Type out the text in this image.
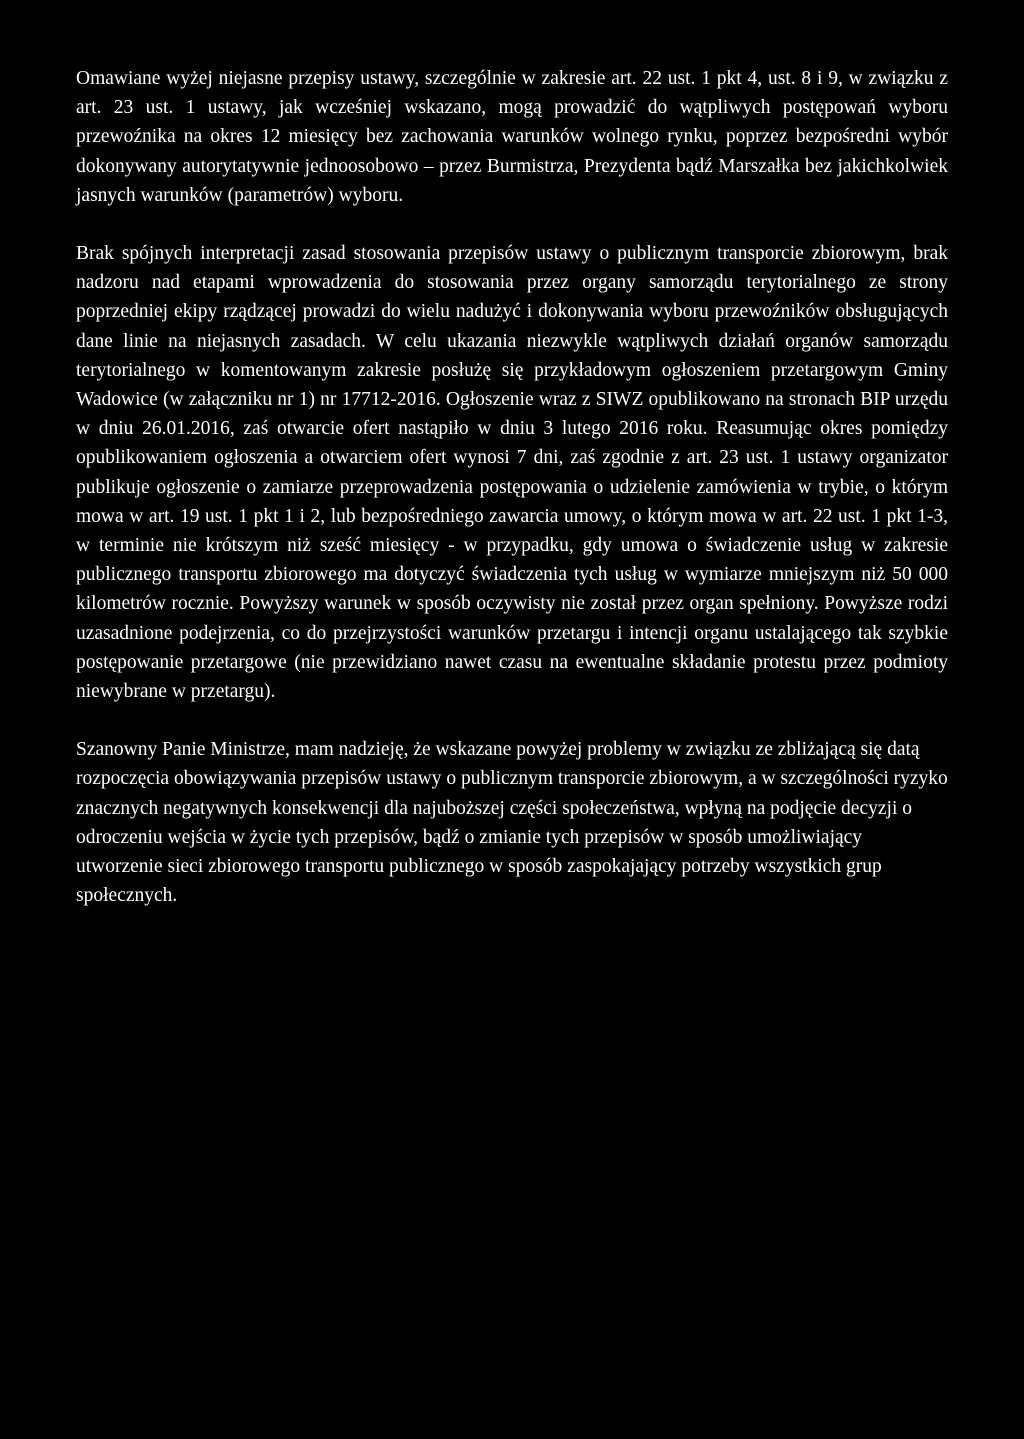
Omawiane wyżej niejasne przepisy ustawy, szczególnie w zakresie art. 22 ust. 1 pkt 4, ust. 8 i 9, w związku z art. 23 ust. 1 ustawy, jak wcześniej wskazano, mogą prowadzić do wątpliwych postępowań wyboru przewoźnika na okres 12 miesięcy bez zachowania warunków wolnego rynku, poprzez bezpośredni wybór dokonywany autorytatywnie jednoosobowo – przez Burmistrza, Prezydenta bądź Marszałka bez jakichkolwiek jasnych warunków (parametrów) wyboru.

Brak spójnych interpretacji zasad stosowania przepisów ustawy o publicznym transporcie zbiorowym, brak nadzoru nad etapami wprowadzenia do stosowania przez organy samorządu terytorialnego ze strony poprzedniej ekipy rządzącej prowadzi do wielu nadużyć i dokonywania wyboru przewoźników obsługujących dane linie na niejasnych zasadach. W celu ukazania niezwykle wątpliwych działań organów samorządu terytorialnego w komentowanym zakresie posłużę się przykładowym ogłoszeniem przetargowym Gminy Wadowice (w załączniku nr 1) nr 17712-2016. Ogłoszenie wraz z SIWZ opublikowano na stronach BIP urzędu w dniu 26.01.2016, zaś otwarcie ofert nastąpiło w dniu 3 lutego 2016 roku. Reasumując okres pomiędzy opublikowaniem ogłoszenia a otwarciem ofert wynosi 7 dni, zaś zgodnie z art. 23 ust. 1 ustawy organizator publikuje ogłoszenie o zamiarze przeprowadzenia postępowania o udzielenie zamówienia w trybie, o którym mowa w art. 19 ust. 1 pkt 1 i 2, lub bezpośredniego zawarcia umowy, o którym mowa w art. 22 ust. 1 pkt 1-3, w terminie nie krótszym niż sześć miesięcy - w przypadku, gdy umowa o świadczenie usług w zakresie publicznego transportu zbiorowego ma dotyczyć świadczenia tych usług w wymiarze mniejszym niż 50 000 kilometrów rocznie. Powyższy warunek w sposób oczywisty nie został przez organ spełniony. Powyższe rodzi uzasadnione podejrzenia, co do przejrzystości warunków przetargu i intencji organu ustalającego tak szybkie postępowanie przetargowe (nie przewidziano nawet czasu na ewentualne składanie protestu przez podmioty niewybrane w przetargu).

Szanowny Panie Ministrze, mam nadzieję, że wskazane powyżej problemy w związku ze zbliżającą się datą rozpoczęcia obowiązywania przepisów ustawy o publicznym transporcie zbiorowym, a w szczególności ryzyko znacznych negatywnych konsekwencji dla najuboższej części społeczeństwa, wpłyną na podjęcie decyzji o odroczeniu wejścia w życie tych przepisów, bądź o zmianie tych przepisów w sposób umożliwiający utworzenie sieci zbiorowego transportu publicznego w sposób zaspokajający potrzeby wszystkich grup społecznych.
